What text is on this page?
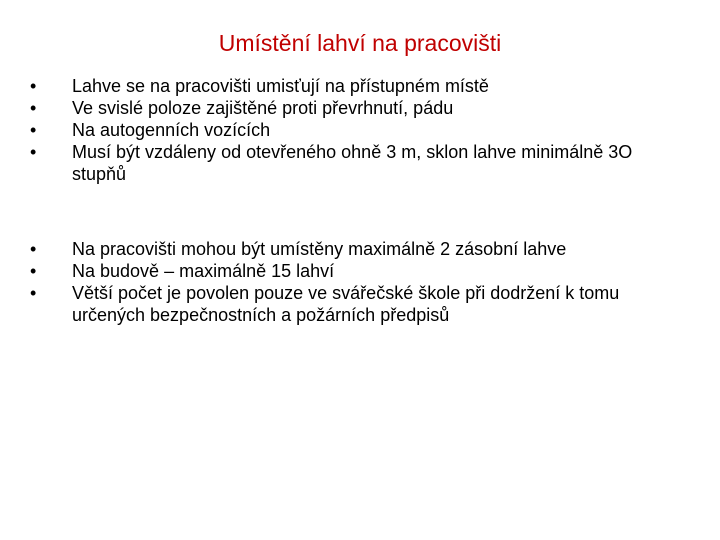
Umístění lahví na pracovišti
•	Lahve se na pracovišti umisťují na přístupném místě
•	Ve svislé poloze zajištěné proti převrhnutí, pádu
•	Na autogenních vozících
•	Musí být vzdáleny od otevřeného ohně 3 m, sklon lahve minimálně 3O stupňů
•	Na pracovišti mohou být umístěny maximálně 2 zásobní lahve
•	Na budově – maximálně 15 lahví
•	Větší počet je povolen pouze ve svářečské škole při dodržení k tomu určených bezpečnostních a požárních předpisů
